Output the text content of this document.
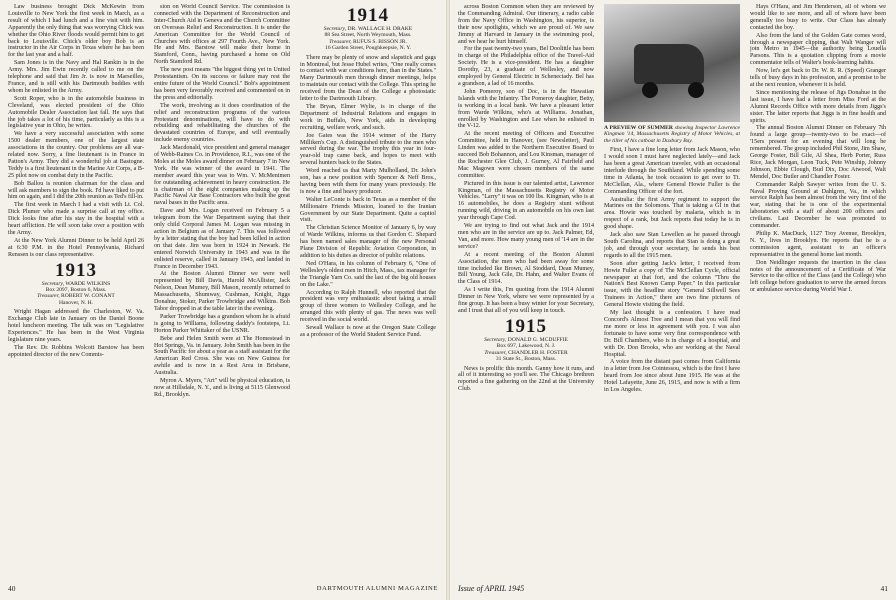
Law business brought Dick McKewin from Louisville to New York the first week in March, as a result of which I had lunch and a fine visit with him. Apparently the only thing that was worrying Chick was whether the Ohio River floods would permit him to get back to Louisville. Chick's older boy Bob is an instructor in the Air Corps in Texas where he has been for the last year and a half.

Sam Jones is in the Navy and Hal Rankin is in the Army. Mrs. Jim Ewin recently called to me on the telephone and said that Jim Jr. is now in Marseilles, France, and is still with his Dartmouth buddies with whom he enlisted in the Army.

Scott Roper, who is in the automobile business in Cleveland, was elected president of the Ohio Automobile Dealer Association last fall. He says that the job takes a lot of his time, particularly as this is a legislative year in Ohio, he writes.

We have a very successful association with some 1500 dealer members, one of the largest state associations in the country. Our problems are all war-related now. Sorry, a fine lieutenant is in France in Patton's Army. They did a wonderful job at Bastogne. Teddy is a first lieutenant in the Marine Air Corps, a B-25 pilot now on combat duty in the Pacific.

Bob Ballou is reunion chairman for the class and will ask members to sign the book. I'd have liked to put him on again, and I did the 20th reunion as Ted's fill-in.

The first week in March I had a visit with Lt. Col. Dick Plumer who made a surprise call at my office. Dick looks fine after his stay in the hospital with a heart affliction. He will soon take over a position with the Army.

At the New York Alumni Dinner to be held April 26 at 6:30 P.M. in the Hotel Pennsylvania, Richard Renssen is our class representative.

1913
Secretary, WARDE WILKINS
Box 2097, Boston 6, Mass.
Treasurer, ROBERT W. CONANT
Hanover, N. H.

Wright Hagan addressed the Charleston, W. Va. Exchange Club late in January on the Daniel Boone hotel luncheon meeting. The talk was on "Legislative Experiences." He has been in the West Virginia legislature nine years.

The Rev. Dr. Robbins Wolcott Barstow has been appointed director of the new Commis-

sion on World Council Service. The commission is connected with the Department of Reconstruction and Inter-Church Aid in Geneva and the Church Committee on Overseas Relief and Reconstruction. It is under the American Committee for the World Council of Churches with offices at 297 Fourth Ave., New York. He and Mrs. Barstow will make their home in Stamford, Conn., having purchased a home on Old North Stamford Rd.

The new post means "the biggest thing yet in United Protestantism. On its success or failure may rest the entire future of the World Council." Bob's appointment has been very favorably received and commented on in the press and editorially.

The work, involving as it does coordination of the relief and reconstruction programs of the various Protestant denominations, will have to do with rebuilding and rehabilitating the churches of the devastated countries of Europe, and will eventually include enemy countries.

Jack Macdonald, vice president and general manager of Webb-Raines Co. in Providence, R.I., was one of the Moles at the Moles award dinner on February 7 in New York. He was winner of the award in 1941. The member award this year was to Wm. V. McMenimen for outstanding achievement in heavy construction. He is chairman of the eight companies making up the Pacific Naval Air Base Contractors who built the great naval bases in the Pacific area.

Dave and Mrs. Logan received on February 5 a telegram from the War Department saying that their only child Corporal James M. Logan was missing in action in Belgium as of January 7. This was followed by a letter stating that the boy had been killed in action on that date. Jim was born in 1924 in Newark. He entered Norwich University in 1943 and was in the enlisted reserve, called in January 1943, and landed in France in December 1943.

At the Boston Alumni Dinner we were well represented by Bill Davis, Harold McAllister, Jack Nelson, Dean Mumey, Bill Mason, recently returned to Massachusetts, Shumway, Cushman, Knight, Jiggs Donahue, Stoker, Parker Trowbridge and Wilkins. Bob Tabor dropped in at the table later in the evening.

Parker Trowbridge has a grandson whom he is afraid is going to Williams, following daddy's footsteps, Lt. Horton Parker Whittaker of the USNR.

Bebe and Helen Smith were at The Homestead in Hot Springs, Va. in January. John Smith has been in the South Pacific for about a year as a staff assistant for the American Red Cross. She was on New Guinea for awhile and is now in a Rest Area in Brisbane, Australia.

Myron A. Myers, "Art" will be physical education, is now at Hillsdale, N. Y., and is living at 5115 Glenwood Rd., Brooklyn.

1914
Secretary, DR. WALLACE H. DRAKE
88 Sea Street, North Weymouth, Mass.
Treasurer, RUFUS S. BISSON JR.
16 Garden Street, Poughkeepsie, N. Y.

There may be plenty of snow and slapstick and gags in Montreal, but Jesse Hubel writes, "One really comes to contact with war conditions here, than in the States." Many Dartmouth men through dinner meetings, helps to maintain our contact with the College. This spring he received from the Dean of the College a photostatic letter to the Dartmouth Library.

The Bryan, Elmer Wylie, is in charge of the Department of Industrial Relations and engages in work in Buffalo, New York, aids in developing recruiting, welfare work, and such.

Joe Gates was the 1914 winner of the Harry Milliken's Cup. A distinguished tribute to the men who served during the war. The trophy this year in four-year-old trap came back, and hopes to meet with several hunters back to the States.

Word reached us that Marty Mulholland, Dr. John's son, has a new position with Spencer & Neff Bros., having been with them for many years previously. He is now a fine and heavy producer.

Walter LeConte is back in Texas as a member of the Millionaire Friends Mission, loaned to the Iranian Government by our State Department. Quite a capitol visit.

The Christian Science Monitor of January 6, by way of Warde Wilkins, informs us that Gordon C. Shepard has been named sales manager of the new Personal Plane Division of Republic Aviation Corporation, in addition to his duties as director of public relations.

Ned O'Hara, in his column of February 6, "One of Wellesley's oldest men in Hitch, Mass., tax manager for the Triangle Yarn Co. said the last of the big old houses on the Lake."

According to Ralph Hunnell, who reported that the president was very enthusiastic about taking a small group of three women to Wellesley College, and he arranged this with plenty of gas. The news was well received in the social world.

Sewall Wallace is now at the Oregon State College as a professor of the World Student Service Fund.

40	DARTMOUTH ALUMNI MAGAZINE

across Boston Common when they are reviewed by the Commanding Admiral. Our itinerary, a radio cable from the Navy Office in Washington, his superior, is their now spotlights, which we are proud of. We saw Jimmy at Harvard in January in the swimming pool, and we hear he hurt himself.

For the past twenty-two years, Bel Doolittle has been in charge of the Philadelphia office of the Travel-Aid Society. He is a vice-president. He has a daughter Dorothy, 23, a graduate of Wellesley, and now employed by General Electric in Schenectady. Bel has a grandson, a lad of 16 months.

John Pomeroy, son of Doc, is in the Hawaiian Islands with the Infantry. The Pomeroy daughter, Betty, is working in a local bank. We have a pleasant letter from Warde Wilkins, who's at Williams. Jonathan, enrolled by Washington and Lee when he enlisted in the V-12.

At the recent meeting of Officers and Executive Committee, held in Hanover, (see Newsletter), Paul Linden was added to the Northern Executive Board to succeed Bob Bohannon, and Lou Kinsman, manager of the Rochester Glee Club, J. Gurney, Al Fairfield and Mac Magown were chosen members of the same committee.

Pictured in this issue is our talented artist, Lawrence Kingman, of the Massachusetts Registry of Motor Vehicles. "Larry" it was on 100 lbs. Kingman, who is at 16 automobiles, he does a Registry stunt without running wild, driving in an automobile on his own last year through Cape Cod.

We are trying to find out what Jack and the 1914 men who are in the service are up to. Jack Palmer, Ed, Van, and more. How many young men of '14 are in the service?

At a recent meeting of the Boston Alumni Association, the men who had been away for some time included Ike Brown, Al Stoddard, Dean Mumey, Bill Young, Jack Gile, Dr. Hahn, and Walter Evans of the Class of 1914.

As I write this, I'm quoting from the 1914 Alumni Dinner in New York, where we were represented by a fine group. It has been a busy winter for your Secretary, and I trust that all of you will keep in touch.

1915
Secretary, DONALD G. MCDUFFIE
Box 697, Lakewood, N. J.
Treasurer, CHANDLER H. FOSTER
31 State St., Boston, Mass.

News is prolific this month. Ganny how it runs, and all of it interesting so you'll see. The Chicago brethren reported a fine gathering on the 22nd at the University Club.

A PREVIEW OF SUMMER showing Inspector Lawrence Kingman '14, Massachusetts Registry of Motor Vehicles, at the tiller of his catboat in Duxbury Bay.

First, I have a fine long letter from Jack Mason, who I would soon I must have neglected lately—and Jack has been a great American traveler, with an occasional interlude through the Southland. While spending some time in Atlanta, he took occasion to get over to Tt. McClellan, Ala., where General Howie Fuller is the Commanding Officer of the fort.

Australia: the first Army regiment to support the Marines on the Solomons. That is taking a GI in that area. Howie was touched by malaria, which is in respect of a rank, but Jack reports that today he is in good shape.

Jack also saw Stan Lewellen as he passed through South Carolina, and reports that Stan is doing a great job, and through your secretary, he sends his best regards to all the 1915 men.

Soon after getting Jack's letter, I received from Howie Fuller a copy of The McClellan Cycle, official newspaper at that fort, and the column "Thru the Nation's Best Known Camp Paper." In this particular issue, with the headline story "General Sillwell Sees Trainees in Action," there are two fine pictures of General Howie visiting the field.

My last thought is a confession. I have read Concord's Almost Tree and I mean that you will find me more or less in agreement with you. I was also fortunate to have some very fine correspondence with Dr. Bill Chambers, who is in charge of a hospital, and with Dr. Don Brooks, who are working at the Naval Hospital.

A voice from the distant past comes from California in a letter from Joe Cointessou, which is the first I have heard from Joe since about June 1915. He was at the Hotel Lafayette, June 26, 1915, and now is with a firm in Los Angeles.

Hays O'Hara, and Jim Henderson, all of whom we would like to see more, and all of whom have been generally too busy to write. Our Class has already contacted the boy.

Also from the land of the Golden Gate comes word, through a newspaper clipping, that Walt Wanger will join Metro in 1945—the authority being Louella Parsons. This is a quotation clipping from a movie commentator tells of Walter's book-learning habits.

Now, let's get back to Dr. W. R. R. (Speed) Granger tells of busy days in his profession, and a promise to be at the next reunion, whenever it is held.

Since mentioning the release of Jigs Donahue in the last issue, I have had a letter from Miss Ford at the Alumni Records Office with more details from Jiggs's sister. The latter reports that Jiggs is in fine health and spirits.

The annual Boston Alumni Dinner on February 7th found a large group—twenty-two to be exact—of '15ers present for an evening that will long be remembered. The group included Phil Stone, Jim Shaw, George Foster, Bill Gile, Al Shea, Herb Porter, Russ Rice, Jack Morgan, Leon Tuck, Pete Winship, Johnny Johnson, Ebbie Clough, Bud Dix, Doc Atwood, Walt Mendel, Doc Butler and Chandler Foster.

Commander Ralph Sawyer writes from the U. S. Naval Proving Ground at Dahlgren, Va., in which service Ralph has been almost from the very first of the war, stating that he is one of the experimental laboratories with a staff of about 200 officers and civilians. Last December he was promoted to commander.

Philip K. MacDuck, 1127 Troy Avenue, Brooklyn, N. Y., lives in Brooklyn. He reports that he is a commission agent, assistant to an officer's representative in the general home last month.

Don Neidlinger requests the insertion in the class notes of the announcement of a Certificate of War Service to the office of the Class (and the College) who left college before graduation to serve the armed forces or ambulance service during World War I.

Issue of APRIL 1945	41
